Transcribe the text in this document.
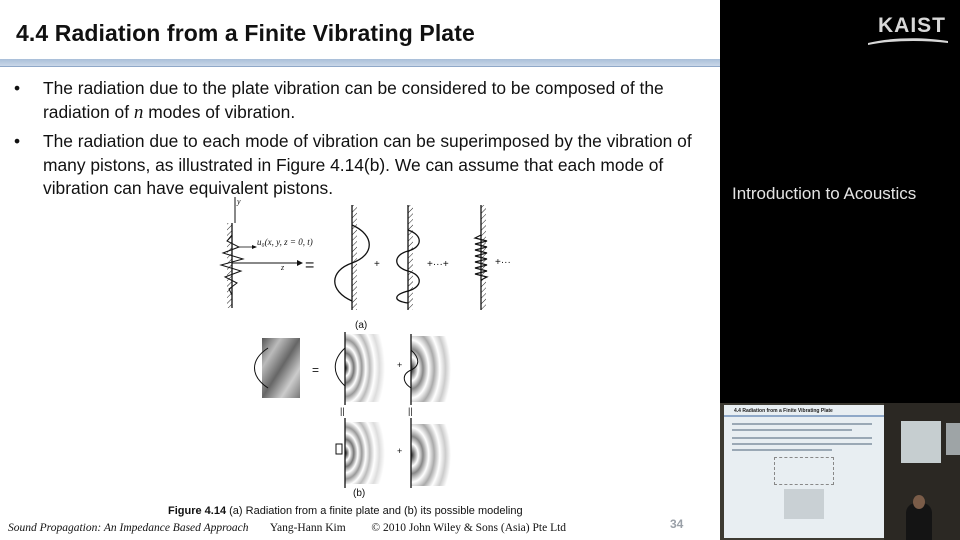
4.4 Radiation from a Finite Vibrating Plate
• The radiation due to the plate vibration can be considered to be composed of the radiation of n modes of vibration.
• The radiation due to each mode of vibration can be superimposed by the vibration of many pistons, as illustrated in Figure 4.14(b). We can assume that each mode of vibration can have equivalent pistons.
y
z
u₀(x, y, z = 0, t)
=	+	+···+	+···
(a)
=	+
||	||
+
(b)
Figure 4.14 (a) Radiation from a finite plate and (b) its possible modeling
Sound Propagation: An Impedance Based Approach Yang-Hann Kim © 2010 John Wiley & Sons (Asia) Pte Ltd	34
KAIST
Introduction to Acoustics
4.4 Radiation from a Finite Vibrating Plate
